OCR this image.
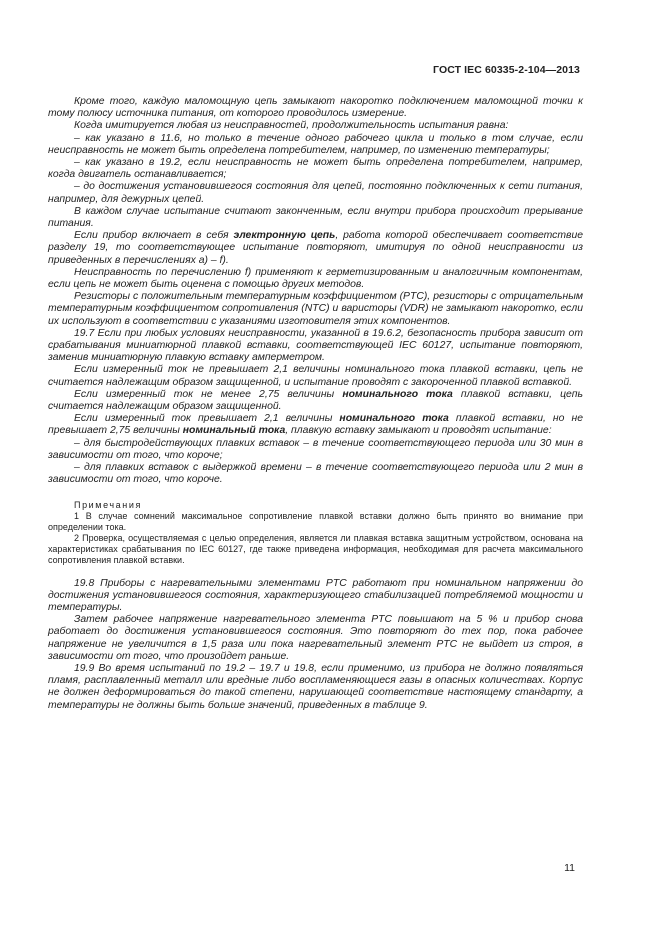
ГОСТ IEC 60335-2-104—2013

Кроме того, каждую маломощную цепь замыкают накоротко подключением маломощной точки к тому полюсу источника питания, от которого проводилось измерение.

Когда имитируется любая из неисправностей, продолжительность испытания равна:

– как указано в 11.6, но только в течение одного рабочего цикла и только в том случае, если неисправность не может быть определена потребителем, например, по изменению температуры;

– как указано в 19.2, если неисправность не может быть определена потребителем, например, когда двигатель останавливается;

– до достижения установившегося состояния для цепей, постоянно подключенных к сети питания, например, для дежурных цепей.

В каждом случае испытание считают законченным, если внутри прибора происходит прерывание питания.

Если прибор включает в себя электронную цепь, работа которой обеспечивает соответствие разделу 19, то соответствующее испытание повторяют, имитируя по одной неисправности из приведенных в перечислениях а) – f).

Неисправность по перечислению f) применяют к герметизированным и аналогичным компонентам, если цепь не может быть оценена с помощью других методов.

Резисторы с положительным температурным коэффициентом (PTC), резисторы с отрицательным температурным коэффициентом сопротивления (NTC) и варисторы (VDR) не замыкают накоротко, если их используют в соответствии с указаниями изготовителя этих компонентов.

19.7 Если при любых условиях неисправности, указанной в 19.6.2, безопасность прибора зависит от срабатывания миниатюрной плавкой вставки, соответствующей IEC 60127, испытание повторяют, заменив миниатюрную плавкую вставку амперметром.

Если измеренный ток не превышает 2,1 величины номинального тока плавкой вставки, цепь не считается надлежащим образом защищенной, и испытание проводят с закороченной плавкой вставкой.

Если измеренный ток не менее 2,75 величины номинального тока плавкой вставки, цепь считается надлежащим образом защищенной.

Если измеренный ток превышает 2,1 величины номинального тока плавкой вставки, но не превышает 2,75 величины номинальный тока, плавкую вставку замыкают и проводят испытание:

– для быстродействующих плавких вставок – в течение соответствующего периода или 30 мин в зависимости от того, что короче;

– для плавких вставок с выдержкой времени – в течение соответствующего периода или 2 мин в зависимости от того, что короче.

Примечания

1 В случае сомнений максимальное сопротивление плавкой вставки должно быть принято во внимание при определении тока.

2 Проверка, осуществляемая с целью определения, является ли плавкая вставка защитным устройством, основана на характеристиках срабатывания по IEC 60127, где также приведена информация, необходимая для расчета максимального сопротивления плавкой вставки.

19.8 Приборы с нагревательными элементами PTC работают при номинальном напряжении до достижения установившегося состояния, характеризующего стабилизацией потребляемой мощности и температуры.

Затем рабочее напряжение нагревательного элемента PTC повышают на 5 % и прибор снова работает до достижения установившегося состояния. Это повторяют до тех пор, пока рабочее напряжение не увеличится в 1,5 раза или пока нагревательный элемент PTC не выйдет из строя, в зависимости от того, что произойдет раньше.

19.9 Во время испытаний по 19.2 – 19.7 и 19.8, если применимо, из прибора не должно появляться пламя, расплавленный металл или вредные либо воспламеняющиеся газы в опасных количествах. Корпус не должен деформироваться до такой степени, нарушающей соответствие настоящему стандарту, а температуры не должны быть больше значений, приведенных в таблице 9.

11
